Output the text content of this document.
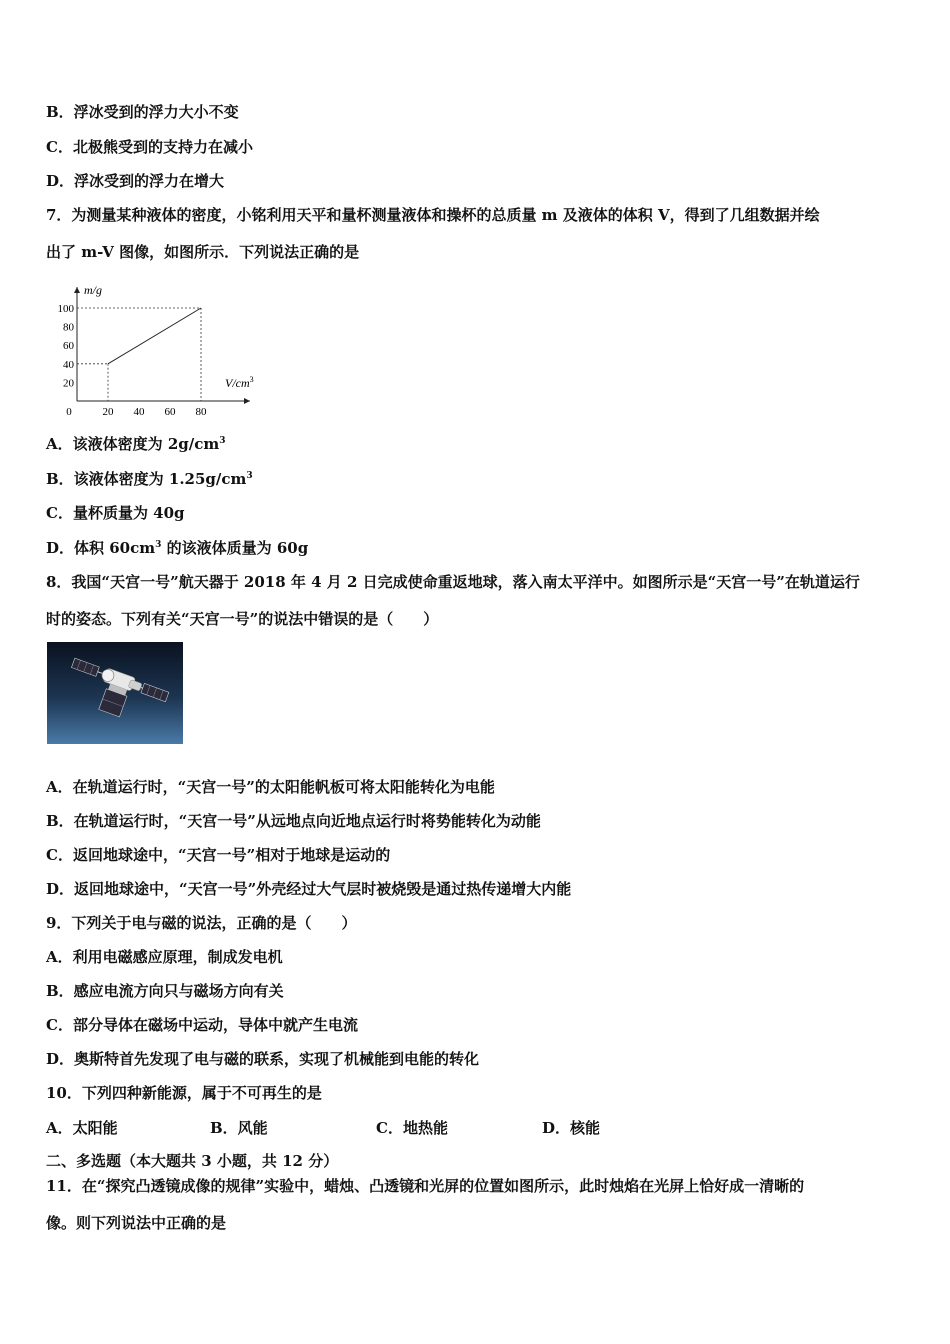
B．浮冰受到的浮力大小不变
C．北极熊受到的支持力在减小
D．浮冰受到的浮力在增大
7．为测量某种液体的密度，小铭利用天平和量杯测量液体和操杯的总质量 m 及液体的体积 V，得到了几组数据并绘
出了 m-V 图像，如图所示．下列说法正确的是
m/g
$V/cm^3$
100
80
60
40
20
0	20 40 60 80
A．该液体密度为 $2g/cm^3$
B．该液体密度为 $1.25g/cm^3$
C．量杯质量为 40g
D．体积 $60cm^3$ 的该液体质量为 60g
8．我国“天宫一号”航天器于 2018 年 4 月 2 日完成使命重返地球，落入南太平洋中。如图所示是“天宫一号”在轨道运行
时的姿态。下列有关“天宫一号”的说法中错误的是（　　）
A．在轨道运行时，“天宫一号”的太阳能帆板可将太阳能转化为电能
B．在轨道运行时，“天宫一号”从远地点向近地点运行时将势能转化为动能
C．返回地球途中，“天宫一号”相对于地球是运动的
D．返回地球途中，“天宫一号”外壳经过大气层时被烧毁是通过热传递增大内能
9．下列关于电与磁的说法，正确的是（　　）
A．利用电磁感应原理，制成发电机
B．感应电流方向只与磁场方向有关
C．部分导体在磁场中运动，导体中就产生电流
D．奥斯特首先发现了电与磁的联系，实现了机械能到电能的转化
10．下列四种新能源，属于不可再生的是
A．太阳能	B．风能	C．地热能	D．核能
二、多选题（本大题共 3 小题，共 12 分）
11．在“探究凸透镜成像的规律”实验中，蜡烛、凸透镜和光屏的位置如图所示，此时烛焰在光屏上恰好成一清晰的
像。则下列说法中正确的是
